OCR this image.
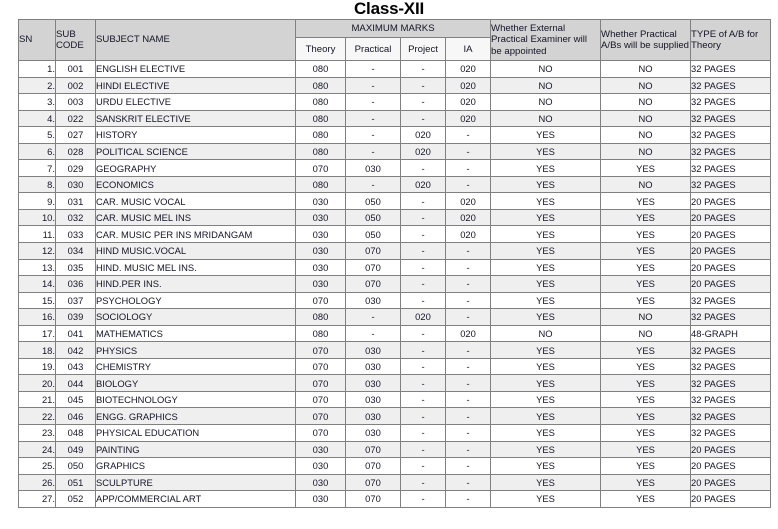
Class-XII
SN	SUB CODE	SUBJECT NAME	MAXIMUM MARKS				Whether External Practical Examiner will be appointed	Whether Practical A/Bs will be supplied	TYPE of A/B for Theory
			Theory	Practical	Project	IA			
1.	001	ENGLISH ELECTIVE	080	-	-	020	NO	NO	32 PAGES
2.	002	HINDI ELECTIVE	080	-	-	020	NO	NO	32 PAGES
3.	003	URDU ELECTIVE	080	-	-	020	NO	NO	32 PAGES
4.	022	SANSKRIT ELECTIVE	080	-	-	020	NO	NO	32 PAGES
5.	027	HISTORY	080	-	020	-	YES	NO	32 PAGES
6.	028	POLITICAL SCIENCE	080	-	020	-	YES	NO	32 PAGES
7.	029	GEOGRAPHY	070	030	-	-	YES	YES	32 PAGES
8.	030	ECONOMICS	080	-	020	-	YES	NO	32 PAGES
9.	031	CAR. MUSIC VOCAL	030	050	-	020	YES	YES	20 PAGES
10.	032	CAR. MUSIC MEL INS	030	050	-	020	YES	YES	20 PAGES
11.	033	CAR. MUSIC PER INS MRIDANGAM	030	050	-	020	YES	YES	20 PAGES
12.	034	HIND MUSIC.VOCAL	030	070	-	-	YES	YES	20 PAGES
13.	035	HIND. MUSIC MEL INS.	030	070	-	-	YES	YES	20 PAGES
14.	036	HIND.PER INS.	030	070	-	-	YES	YES	20 PAGES
15.	037	PSYCHOLOGY	070	030	-	-	YES	YES	32 PAGES
16.	039	SOCIOLOGY	080	-	020	-	YES	NO	32 PAGES
17.	041	MATHEMATICS	080	-	-	020	NO	NO	48-GRAPH
18.	042	PHYSICS	070	030	-	-	YES	YES	32 PAGES
19.	043	CHEMISTRY	070	030	-	-	YES	YES	32 PAGES
20.	044	BIOLOGY	070	030	-	-	YES	YES	32 PAGES
21.	045	BIOTECHNOLOGY	070	030	-	-	YES	YES	32 PAGES
22.	046	ENGG. GRAPHICS	070	030	-	-	YES	YES	32 PAGES
23.	048	PHYSICAL EDUCATION	070	030	-	-	YES	YES	32 PAGES
24.	049	PAINTING	030	070	-	-	YES	YES	20 PAGES
25.	050	GRAPHICS	030	070	-	-	YES	YES	20 PAGES
26.	051	SCULPTURE	030	070	-	-	YES	YES	20 PAGES
27.	052	APP/COMMERCIAL ART	030	070	-	-	YES	YES	20 PAGES
